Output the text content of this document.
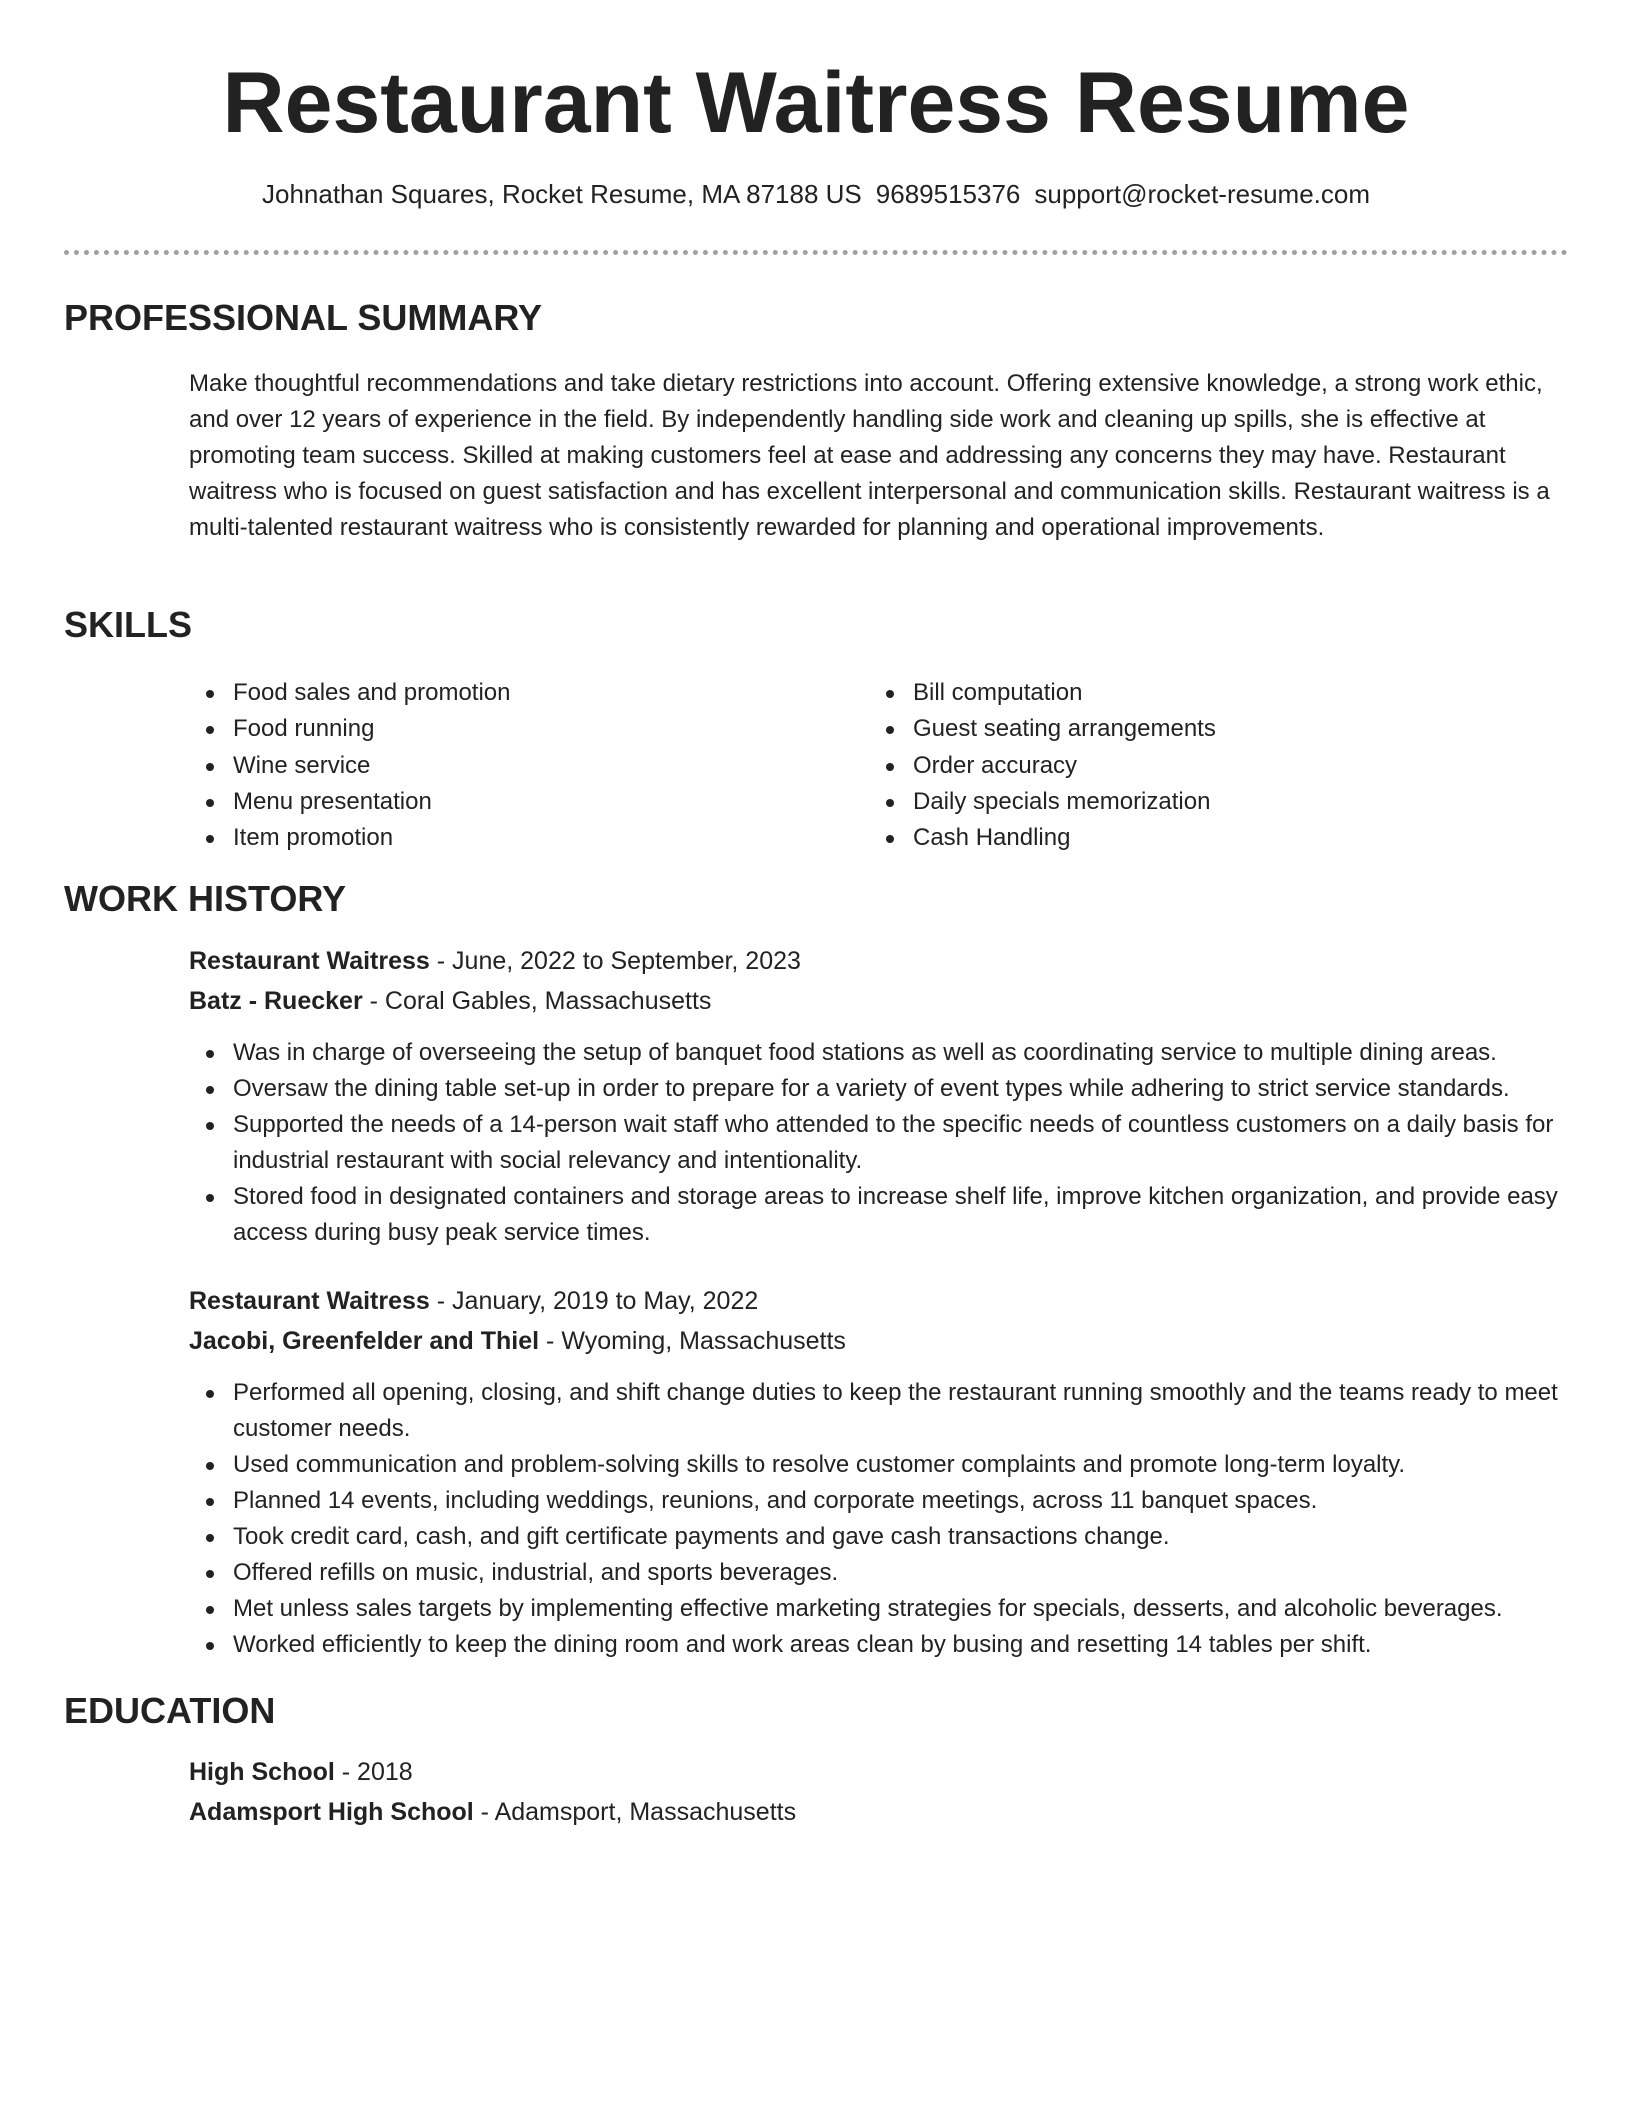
Restaurant Waitress Resume
Johnathan Squares, Rocket Resume, MA 87188 US 9689515376 support@rocket-resume.com
PROFESSIONAL SUMMARY

Make thoughtful recommendations and take dietary restrictions into account. Offering extensive knowledge, a strong work ethic, and over 12 years of experience in the field. By independently handling side work and cleaning up spills, she is effective at promoting team success. Skilled at making customers feel at ease and addressing any concerns they may have. Restaurant waitress who is focused on guest satisfaction and has excellent interpersonal and communication skills. Restaurant waitress is a multi-talented restaurant waitress who is consistently rewarded for planning and operational improvements.

SKILLS
Food sales and promotion
Food running
Wine service
Menu presentation
Item promotion
Bill computation
Guest seating arrangements
Order accuracy
Daily specials memorization
Cash Handling
WORK HISTORY

Restaurant Waitress - June, 2022 to September, 2023

Batz - Ruecker - Coral Gables, Massachusetts

Was in charge of overseeing the setup of banquet food stations as well as coordinating service to multiple dining areas.
Oversaw the dining table set-up in order to prepare for a variety of event types while adhering to strict service standards.
Supported the needs of a 14-person wait staff who attended to the specific needs of countless customers on a daily basis for industrial restaurant with social relevancy and intentionality.
Stored food in designated containers and storage areas to increase shelf life, improve kitchen organization, and provide easy access during busy peak service times.

Restaurant Waitress - January, 2019 to May, 2022

Jacobi, Greenfelder and Thiel - Wyoming, Massachusetts

Performed all opening, closing, and shift change duties to keep the restaurant running smoothly and the teams ready to meet customer needs.
Used communication and problem-solving skills to resolve customer complaints and promote long-term loyalty.
Planned 14 events, including weddings, reunions, and corporate meetings, across 11 banquet spaces.
Took credit card, cash, and gift certificate payments and gave cash transactions change.
Offered refills on music, industrial, and sports beverages.
Met unless sales targets by implementing effective marketing strategies for specials, desserts, and alcoholic beverages.
Worked efficiently to keep the dining room and work areas clean by busing and resetting 14 tables per shift.
EDUCATION

High School - 2018

Adamsport High School - Adamsport, Massachusetts
